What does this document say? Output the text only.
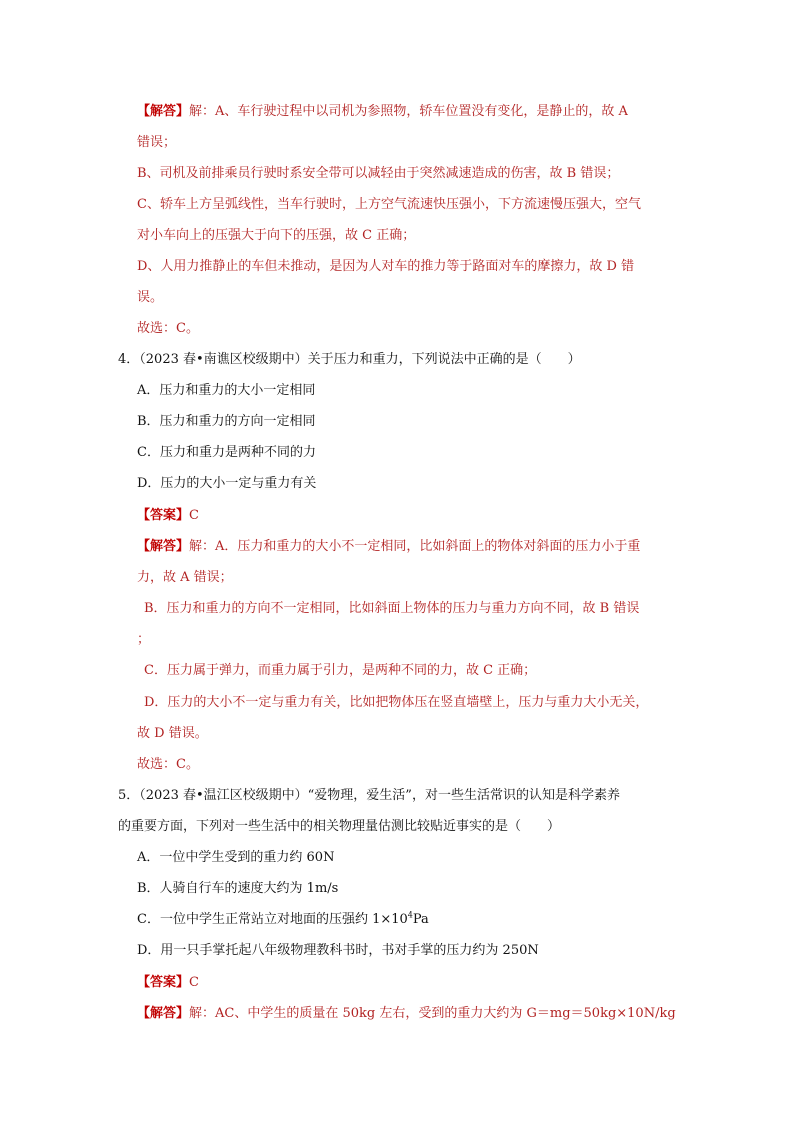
【解答】解：A、车行驶过程中以司机为参照物，轿车位置没有变化，是静止的，故 A
错误；
B、司机及前排乘员行驶时系安全带可以减轻由于突然减速造成的伤害，故 B 错误；
C、轿车上方呈弧线性，当车行驶时，上方空气流速快压强小，下方流速慢压强大，空气
对小车向上的压强大于向下的压强，故 C 正确；
D、人用力推静止的车但未推动，是因为人对车的推力等于路面对车的摩擦力，故 D 错
误。
故选：C。
4．（2023 春•南谯区校级期中）关于压力和重力，下列说法中正确的是（　　）
A．压力和重力的大小一定相同
B．压力和重力的方向一定相同
C．压力和重力是两种不同的力
D．压力的大小一定与重力有关
【答案】C
【解答】解：A．压力和重力的大小不一定相同，比如斜面上的物体对斜面的压力小于重
力，故 A 错误；
B．压力和重力的方向不一定相同，比如斜面上物体的压力与重力方向不同，故 B 错误
；
C．压力属于弹力，而重力属于引力，是两种不同的力，故 C 正确；
D．压力的大小不一定与重力有关，比如把物体压在竖直墙壁上，压力与重力大小无关，
故 D 错误。
故选：C。
5．（2023 春•温江区校级期中）“爱物理，爱生活”，对一些生活常识的认知是科学素养
的重要方面，下列对一些生活中的相关物理量估测比较贴近事实的是（　　）
A．一位中学生受到的重力约 60N
B．人骑自行车的速度大约为 1m/s
C．一位中学生正常站立对地面的压强约 $1\times 10^4Pa$
D．用一只手掌托起八年级物理教科书时，书对手掌的压力约为 250N
【答案】C
【解答】解：AC、中学生的质量在 50kg 左右，受到的重力大约为 G＝mg＝50kg×10N/kg
